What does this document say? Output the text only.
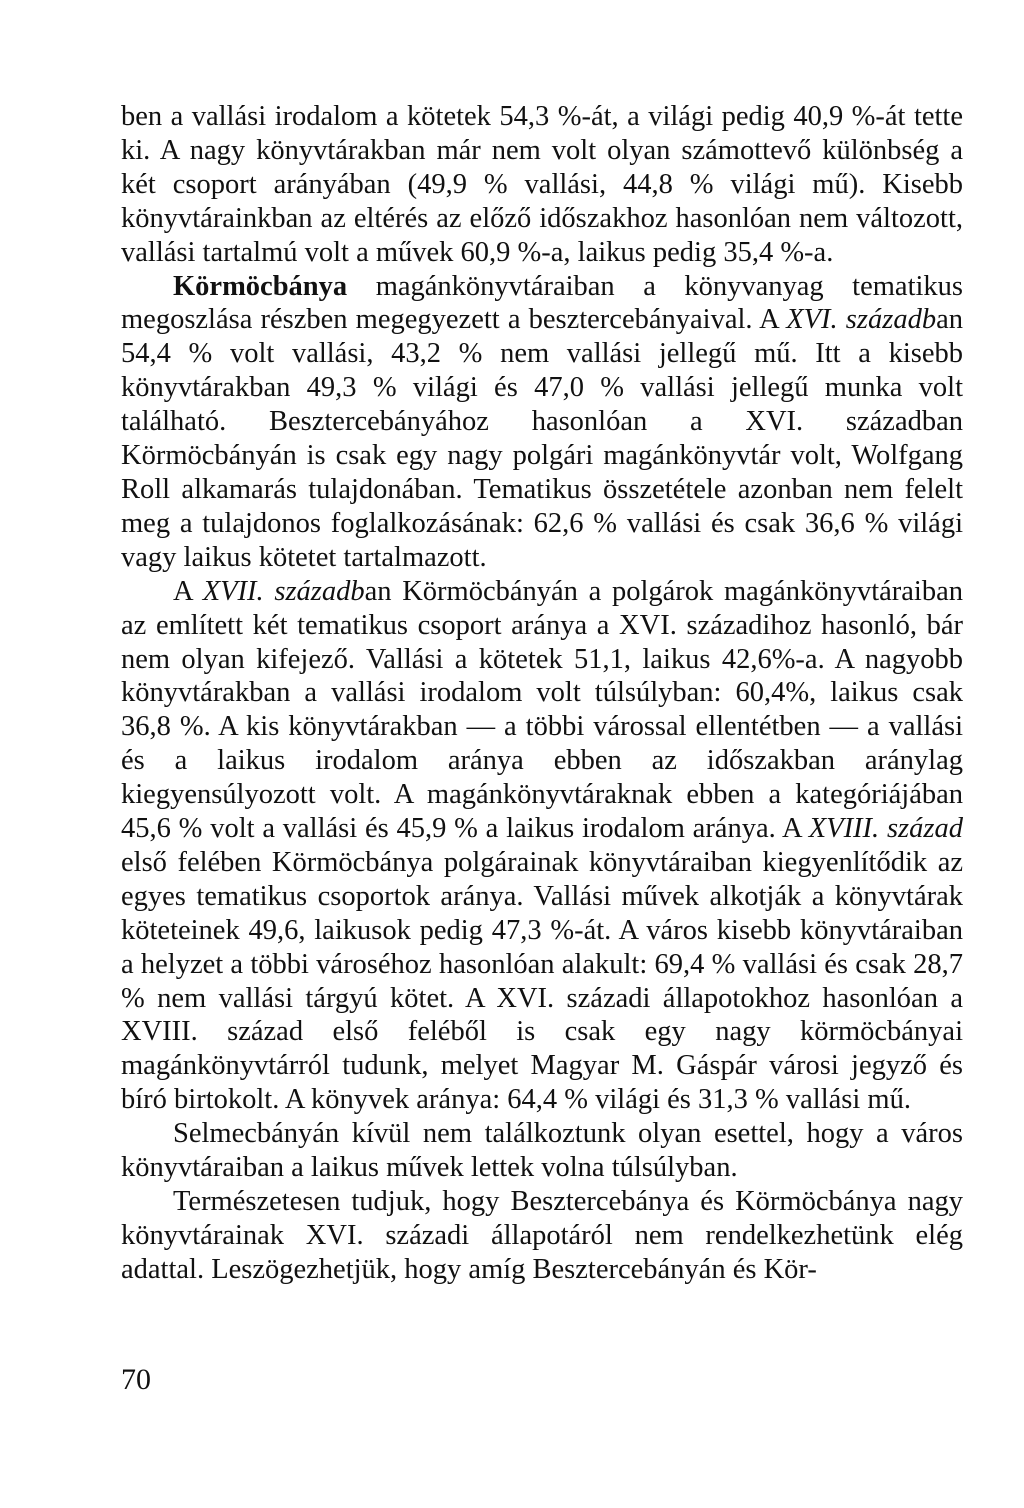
ben a vallási irodalom a kötetek 54,3 %-át, a világi pedig 40,9 %-át tette ki. A nagy könyvtárakban már nem volt olyan számottevő különbség a két csoport arányában (49,9 % vallási, 44,8 % világi mű). Kisebb könyvtárainkban az eltérés az előző időszakhoz hasonlóan nem változott, vallási tartalmú volt a művek 60,9 %-a, laikus pedig 35,4 %-a.

Körmöcbánya magánkönyvtáraiban a könyvanyag tematikus megoszlása részben megegyezett a besztercebányaival. A XVI. században 54,4 % volt vallási, 43,2 % nem vallási jellegű mű. Itt a kisebb könyvtárakban 49,3 % világi és 47,0 % vallási jellegű munka volt található. Besztercebányához hasonlóan a XVI. században Körmöcbányán is csak egy nagy polgári magánkönyvtár volt, Wolfgang Roll alkamarás tulajdonában. Tematikus összetétele azonban nem felelt meg a tulajdonos foglalkozásának: 62,6 % vallási és csak 36,6 % világi vagy laikus kötetet tartalmazott.

A XVII. században Körmöcbányán a polgárok magánkönyvtáraiban az említett két tematikus csoport aránya a XVI. századihoz hasonló, bár nem olyan kifejező. Vallási a kötetek 51,1, laikus 42,6%-a. A nagyobb könyvtárakban a vallási irodalom volt túlsúlyban: 60,4%, laikus csak 36,8 %. A kis könyvtárakban — a többi várossal ellentétben — a vallási és a laikus irodalom aránya ebben az időszakban aránylag kiegyensúlyozott volt. A magánkönyvtáraknak ebben a kategóriájában 45,6 % volt a vallási és 45,9 % a laikus irodalom aránya. A XVIII. század első felében Körmöcbánya polgárainak könyvtáraiban kiegyenlítődik az egyes tematikus csoportok aránya. Vallási művek alkotják a könyvtárak köteteinek 49,6, laikusok pedig 47,3 %-át. A város kisebb könyvtáraiban a helyzet a többi városéhoz hasonlóan alakult: 69,4 % vallási és csak 28,7 % nem vallási tárgyú kötet. A XVI. századi állapotokhoz hasonlóan a XVIII. század első feléből is csak egy nagy körmöcbányai magánkönyvtárról tudunk, melyet Magyar M. Gáspár városi jegyző és bíró birtokolt. A könyvek aránya: 64,4 % világi és 31,3 % vallási mű.

Selmecbányán kívül nem találkoztunk olyan esettel, hogy a város könyvtáraiban a laikus művek lettek volna túlsúlyban.

Természetesen tudjuk, hogy Besztercebánya és Körmöcbánya nagy könyvtárainak XVI. századi állapotáról nem rendelkezhetünk elég adattal. Leszögezhetjük, hogy amíg Besztercebányán és Kör-

70
